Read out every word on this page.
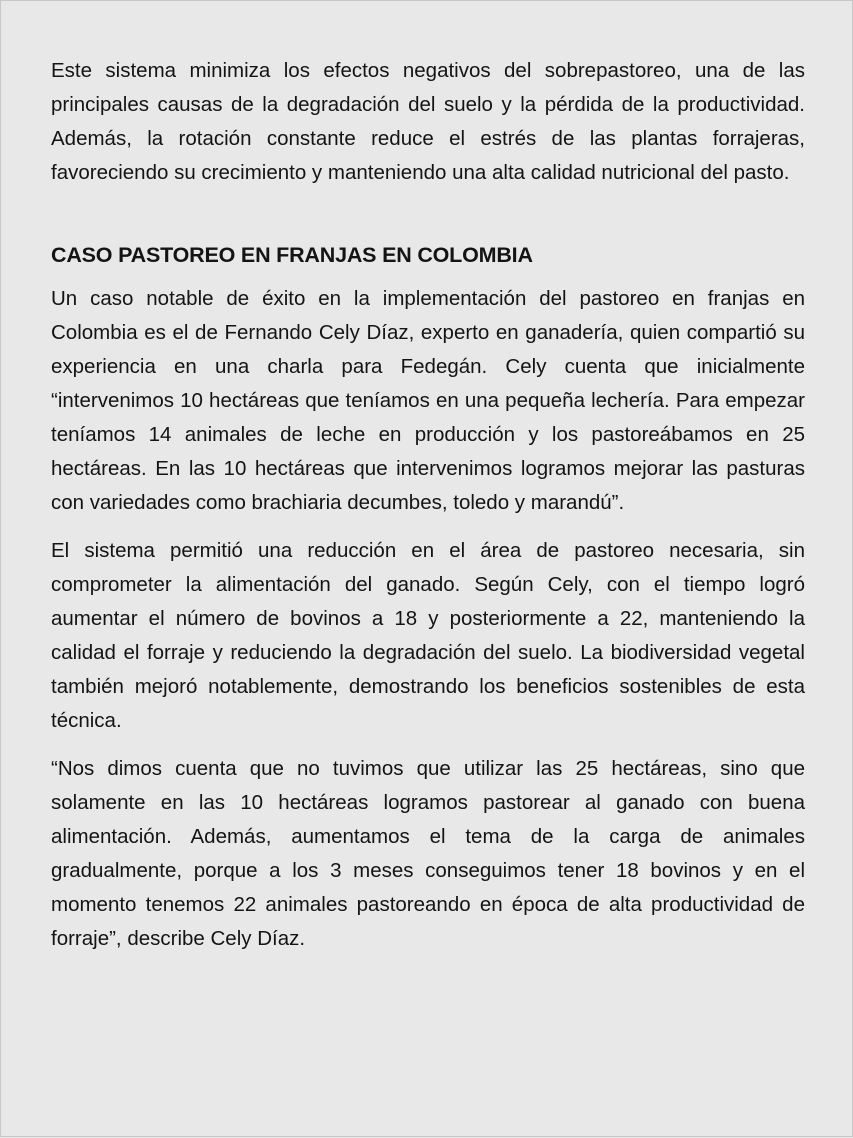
Este sistema minimiza los efectos negativos del sobrepastoreo, una de las principales causas de la degradación del suelo y la pérdida de la productividad. Además, la rotación constante reduce el estrés de las plantas forrajeras, favoreciendo su crecimiento y manteniendo una alta calidad nutricional del pasto.

CASO PASTOREO EN FRANJAS EN COLOMBIA

Un caso notable de éxito en la implementación del pastoreo en franjas en Colombia es el de Fernando Cely Díaz, experto en ganadería, quien compartió su experiencia en una charla para Fedegán. Cely cuenta que inicialmente “intervenimos 10 hectáreas que teníamos en una pequeña lechería. Para empezar teníamos 14 animales de leche en producción y los pastoreábamos en 25 hectáreas. En las 10 hectáreas que intervenimos logramos mejorar las pasturas con variedades como brachiaria decumbes, toledo y marandú”.

El sistema permitió una reducción en el área de pastoreo necesaria, sin comprometer la alimentación del ganado. Según Cely, con el tiempo logró aumentar el número de bovinos a 18 y posteriormente a 22, manteniendo la calidad el forraje y reduciendo la degradación del suelo. La biodiversidad vegetal también mejoró notablemente, demostrando los beneficios sostenibles de esta técnica.

“Nos dimos cuenta que no tuvimos que utilizar las 25 hectáreas, sino que solamente en las 10 hectáreas logramos pastorear al ganado con buena alimentación. Además, aumentamos el tema de la carga de animales gradualmente, porque a los 3 meses conseguimos tener 18 bovinos y en el momento tenemos 22 animales pastoreando en época de alta productividad de forraje”, describe Cely Díaz.
